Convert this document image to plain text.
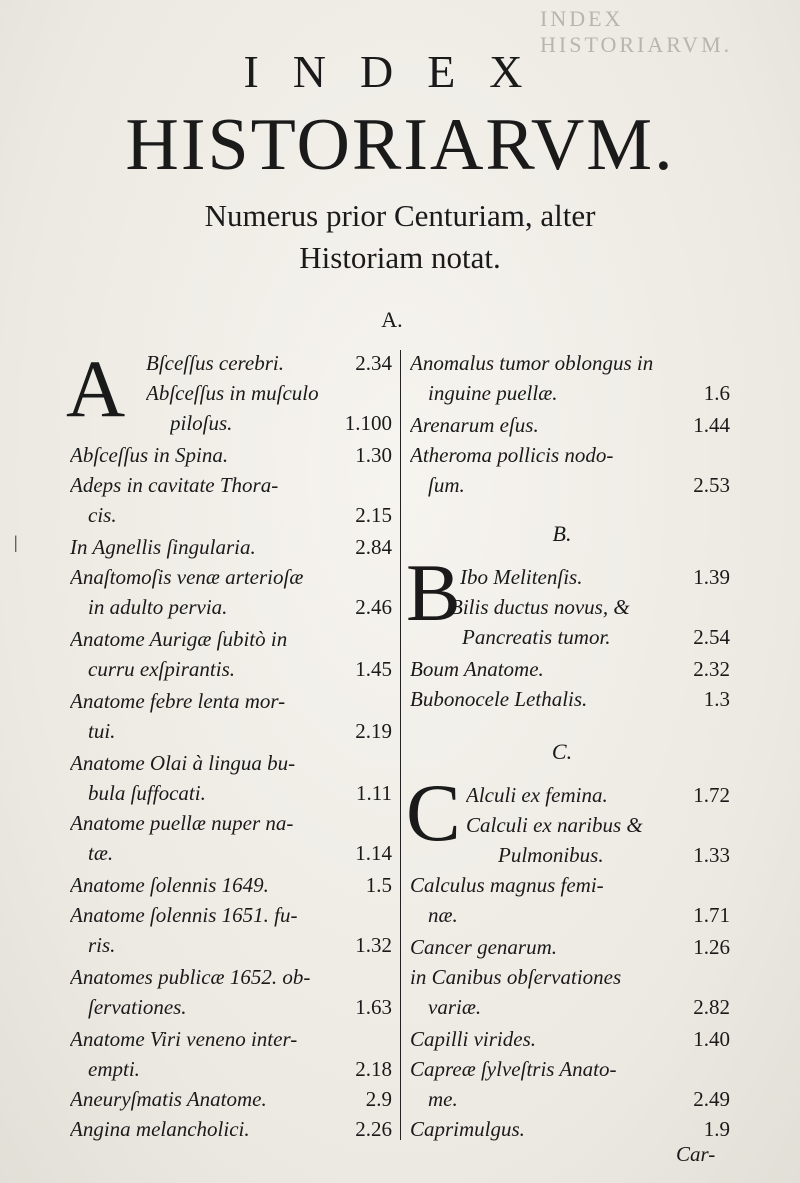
INDEX HISTORIARVM.
INDEX
HISTORIARVM.
Numerus prior Centuriam, alter
Historiam notat.
A.
A Bſceſſus cerebri.	2.34
Abſceſſus in muſculo
piloſus.	1.100
Abſceſſus in Spina.	1.30
Adeps in cavitate Thora-
cis.	2.15
In Agnellis ſingularia.	2.84
Anaſtomoſis venæ arterioſæ
in adulto pervia.	2.46
Anatome Aurigæ ſubitò in
curru exſpirantis.	1.45
Anatome febre lenta mor-
tui.	2.19
Anatome Olai à lingua bu-
bula ſuffocati.	1.11
Anatome puellæ nuper na-
tæ.	1.14
Anatome ſolennis 1649.	1.5
Anatome ſolennis 1651. fu-
ris.	1.32
Anatomes publicæ 1652. ob-
ſervationes.	1.63
Anatome Viri veneno inter-
empti.	2.18
Aneuryſmatis Anatome.	2.9
Angina melancholici.	2.26
Anomalus tumor oblongus in
inguine puellæ.	1.6
Arenarum eſus.	1.44
Atheroma pollicis nodo-
ſum.	2.53
B.
B Ibo Melitenſis.	1.39
Bilis ductus novus, &
Pancreatis tumor.	2.54
Boum Anatome.	2.32
Bubonocele Lethalis.	1.3
C.
C Alculi ex femina.	1.72
Calculi ex naribus &
Pulmonibus.	1.33
Calculus magnus femi-
næ.	1.71
Cancer genarum.	1.26
in Canibus obſervationes
variæ.	2.82
Capilli virides.	1.40
Capreæ ſylveſtris Anato-
me.	2.49
Caprimulgus.	1.9
Car-
|
